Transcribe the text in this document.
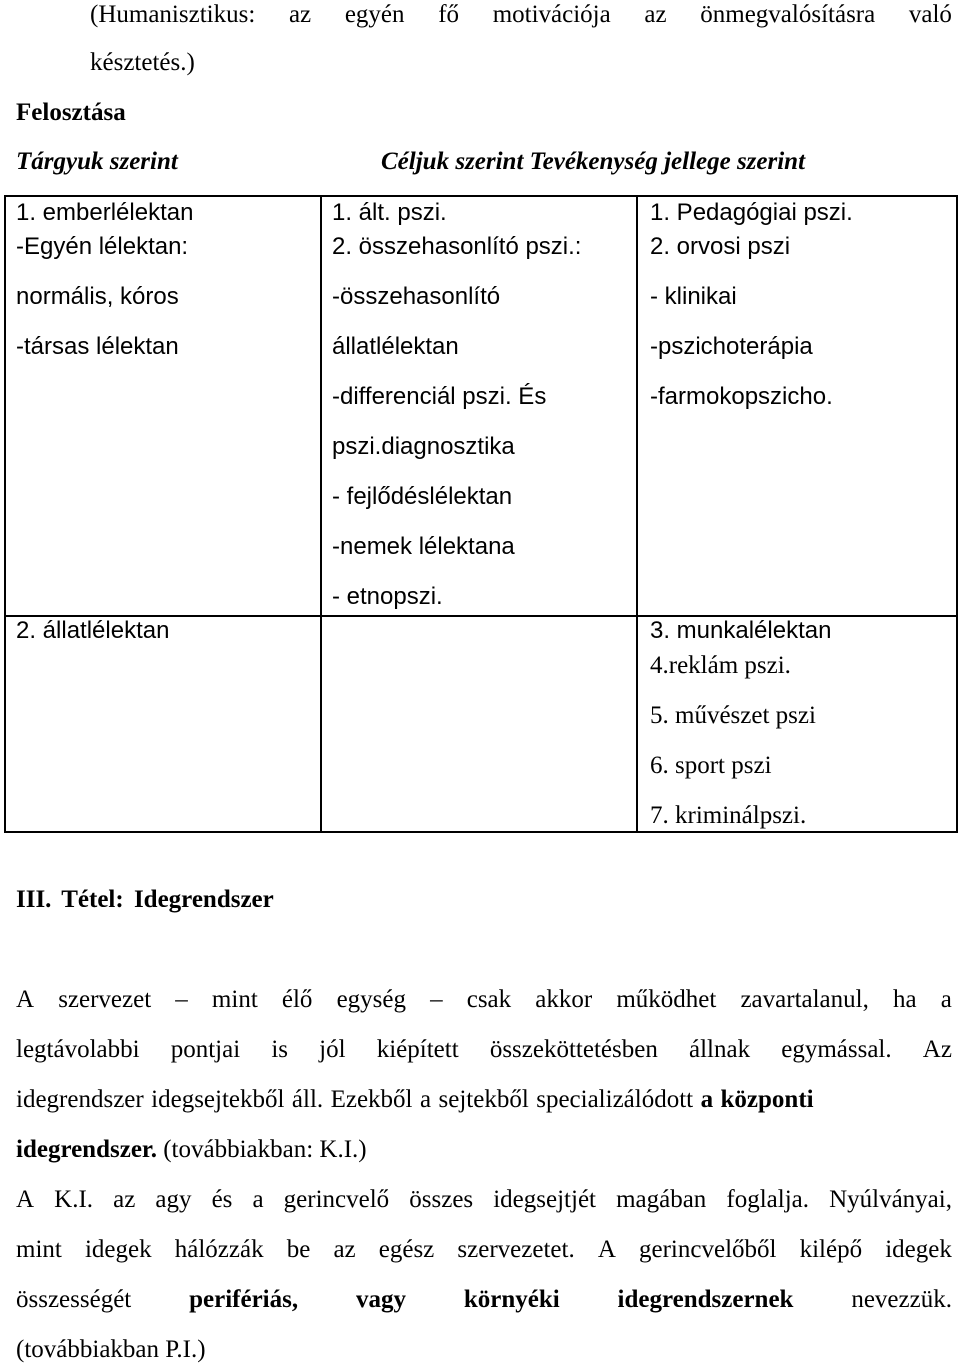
(Humanisztikus: az egyén fő motivációja az önmegvalósításra való
késztetés.)
Felosztása
Tárgyuk szerint	Céljuk szerint Tevékenység jellege szerint
1. emberlélektan
-Egyén lélektan:
normális, kóros
-társas lélektan
1. ált. pszi.
2. összehasonlító pszi.:
-összehasonlító
állatlélektan
-differenciál pszi. És
pszi.diagnosztika
- fejlődéslélektan
-nemek lélektana
- etnopszi.
1. Pedagógiai pszi.
2. orvosi pszi
- klinikai
-pszichoterápia
-farmokopszicho.
2. állatlélektan	3. munkalélektan
4.reklám pszi.
5. művészet pszi
6. sport pszi
7. kriminálpszi.
III. Tétel: Idegrendszer
A szervezet – mint élő egység – csak akkor működhet zavartalanul, ha a
legtávolabbi pontjai is jól kiépített összeköttetésben állnak egymással. Az
idegrendszer idegsejtekből áll. Ezekből a sejtekből specializálódott a központi
idegrendszer. (továbbiakban: K.I.)
A K.I. az agy és a gerincvelő összes idegsejtjét magában foglalja. Nyúlványai,
mint idegek hálózzák be az egész szervezetet. A gerincvelőből kilépő idegek
összességét perifériás, vagy környéki idegrendszernek nevezzük.
(továbbiakban P.I.)
